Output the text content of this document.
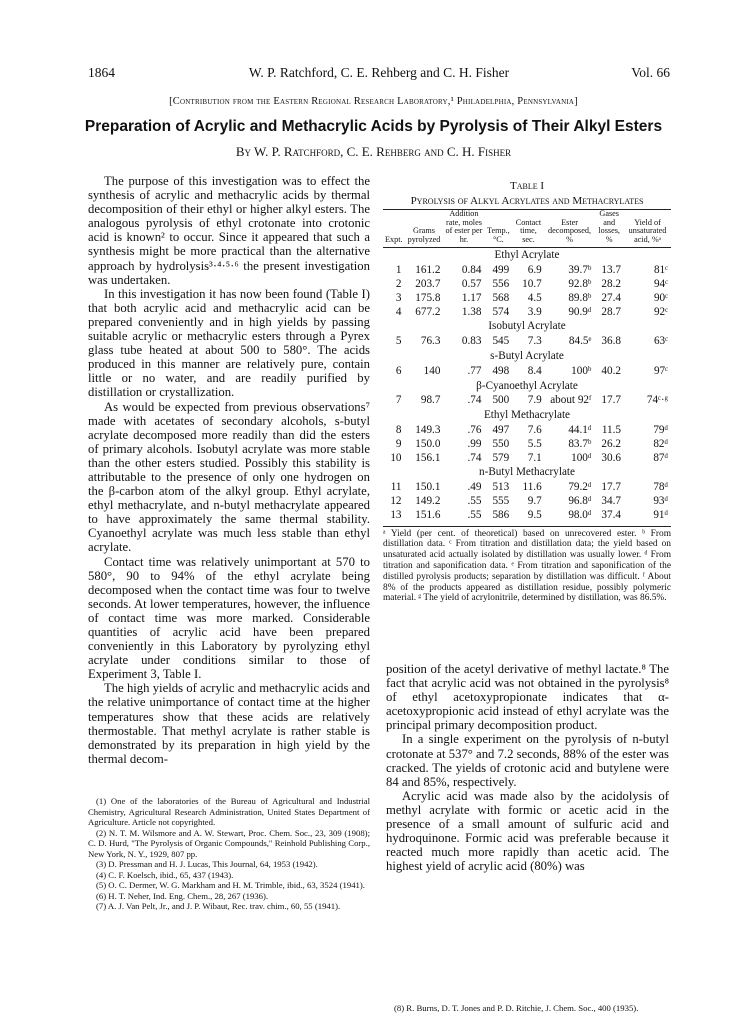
1864	W. P. Ratchford, C. E. Rehberg and C. H. Fisher	Vol. 66
[Contribution from the Eastern Regional Research Laboratory,¹ Philadelphia, Pennsylvania]
Preparation of Acrylic and Methacrylic Acids by Pyrolysis of Their Alkyl Esters
By W. P. Ratchford, C. E. Rehberg and C. H. Fisher

The purpose of this investigation was to effect the synthesis of acrylic and methacrylic acids by thermal decomposition of their ethyl or higher alkyl esters. The analogous pyrolysis of ethyl crotonate into crotonic acid is known² to occur. Since it appeared that such a synthesis might be more practical than the alternative approach by hydrolysis³·⁴·⁵·⁶ the present investigation was undertaken.

In this investigation it has now been found (Table I) that both acrylic acid and methacrylic acid can be prepared conveniently and in high yields by passing suitable acrylic or methacrylic esters through a Pyrex glass tube heated at about 500 to 580°. The acids produced in this manner are relatively pure, contain little or no water, and are readily purified by distillation or crystallization.

As would be expected from previous observations⁷ made with acetates of secondary alcohols, s-butyl acrylate decomposed more readily than did the esters of primary alcohols. Isobutyl acrylate was more stable than the other esters studied. Possibly this stability is attributable to the presence of only one hydrogen on the β-carbon atom of the alkyl group. Ethyl acrylate, ethyl methacrylate, and n-butyl methacrylate appeared to have approximately the same thermal stability. Cyanoethyl acrylate was much less stable than ethyl acrylate.

Contact time was relatively unimportant at 570 to 580°, 90 to 94% of the ethyl acrylate being decomposed when the contact time was four to twelve seconds. At lower temperatures, however, the influence of contact time was more marked. Considerable quantities of acrylic acid have been prepared conveniently in this Laboratory by pyrolyzing ethyl acrylate under conditions similar to those of Experiment 3, Table I.

The high yields of acrylic and methacrylic acids and the relative unimportance of contact time at the higher temperatures show that these acids are relatively thermostable. That methyl acrylate is rather stable is demonstrated by its preparation in high yield by the thermal decom-

(1) One of the laboratories of the Bureau of Agricultural and Industrial Chemistry, Agricultural Research Administration, United States Department of Agriculture. Article not copyrighted.
(2) N. T. M. Wilsmore and A. W. Stewart, Proc. Chem. Soc., 23, 309 (1908); C. D. Hurd, "The Pyrolysis of Organic Compounds," Reinhold Publishing Corp., New York, N. Y., 1929, 807 pp.
(3) D. Pressman and H. J. Lucas, This Journal, 64, 1953 (1942).
(4) C. F. Koelsch, ibid., 65, 437 (1943).
(5) O. C. Dermer, W. G. Markham and H. M. Trimble, ibid., 63, 3524 (1941).
(6) H. T. Neher, Ind. Eng. Chem., 28, 267 (1936).
(7) A. J. Van Pelt, Jr., and J. P. Wibaut, Rec. trav. chim., 60, 55 (1941).
Table I
Pyrolysis of Alkyl Acrylates and Methacrylates
Expt.	Grams pyrolyzed	Addition rate, moles of ester per hr.	Temp., °C.	Contact time, sec.	Ester decomposed, %	Gases and losses, %	Yield of unsaturated acid, %ᵃ
Ethyl Acrylate							
1	161.2	0.84	499	6.9	39.7ᵇ	13.7	81ᶜ
2	203.7	0.57	556	10.7	92.8ᵇ	28.2	94ᶜ
3	175.8	1.17	568	4.5	89.8ᵇ	27.4	90ᶜ
4	677.2	1.38	574	3.9	90.9ᵈ	28.7	92ᶜ
Isobutyl Acrylate							
5	76.3	0.83	545	7.3	84.5ᵉ	36.8	63ᶜ
s-Butyl Acrylate							
6	140	.77	498	8.4	100ᵇ	40.2	97ᶜ
β-Cyanoethyl Acrylate							
7	98.7	.74	500	7.9	about 92ᶠ	17.7	74ᶜ·ᵍ
Ethyl Methacrylate							
8	149.3	.76	497	7.6	44.1ᵈ	11.5	79ᵈ
9	150.0	.99	550	5.5	83.7ᵇ	26.2	82ᵈ
10	156.1	.74	579	7.1	100ᵈ	30.6	87ᵈ
n-Butyl Methacrylate							
11	150.1	.49	513	11.6	79.2ᵈ	17.7	78ᵈ
12	149.2	.55	555	9.7	96.8ᵈ	34.7	93ᵈ
13	151.6	.55	586	9.5	98.0ᵈ	37.4	91ᵈ
ᵃ Yield (per cent. of theoretical) based on unrecovered ester. ᵇ From distillation data. ᶜ From titration and distillation data; the yield based on unsaturated acid actually isolated by distillation was usually lower. ᵈ From titration and saponification data. ᵉ From titration and saponification of the distilled pyrolysis products; separation by distillation was difficult. ᶠ About 8% of the products appeared as distillation residue, possibly polymeric material. ᵍ The yield of acrylonitrile, determined by distillation, was 86.5%.

position of the acetyl derivative of methyl lactate.⁸ The fact that acrylic acid was not obtained in the pyrolysis⁸ of ethyl acetoxypropionate indicates that α-acetoxypropionic acid instead of ethyl acrylate was the principal primary decomposition product.

In a single experiment on the pyrolysis of n-butyl crotonate at 537° and 7.2 seconds, 88% of the ester was cracked. The yields of crotonic acid and butylene were 84 and 85%, respectively.

Acrylic acid was made also by the acidolysis of methyl acrylate with formic or acetic acid in the presence of a small amount of sulfuric acid and hydroquinone. Formic acid was preferable because it reacted much more rapidly than acetic acid. The highest yield of acrylic acid (80%) was

(8) R. Burns, D. T. Jones and P. D. Ritchie, J. Chem. Soc., 400 (1935).
